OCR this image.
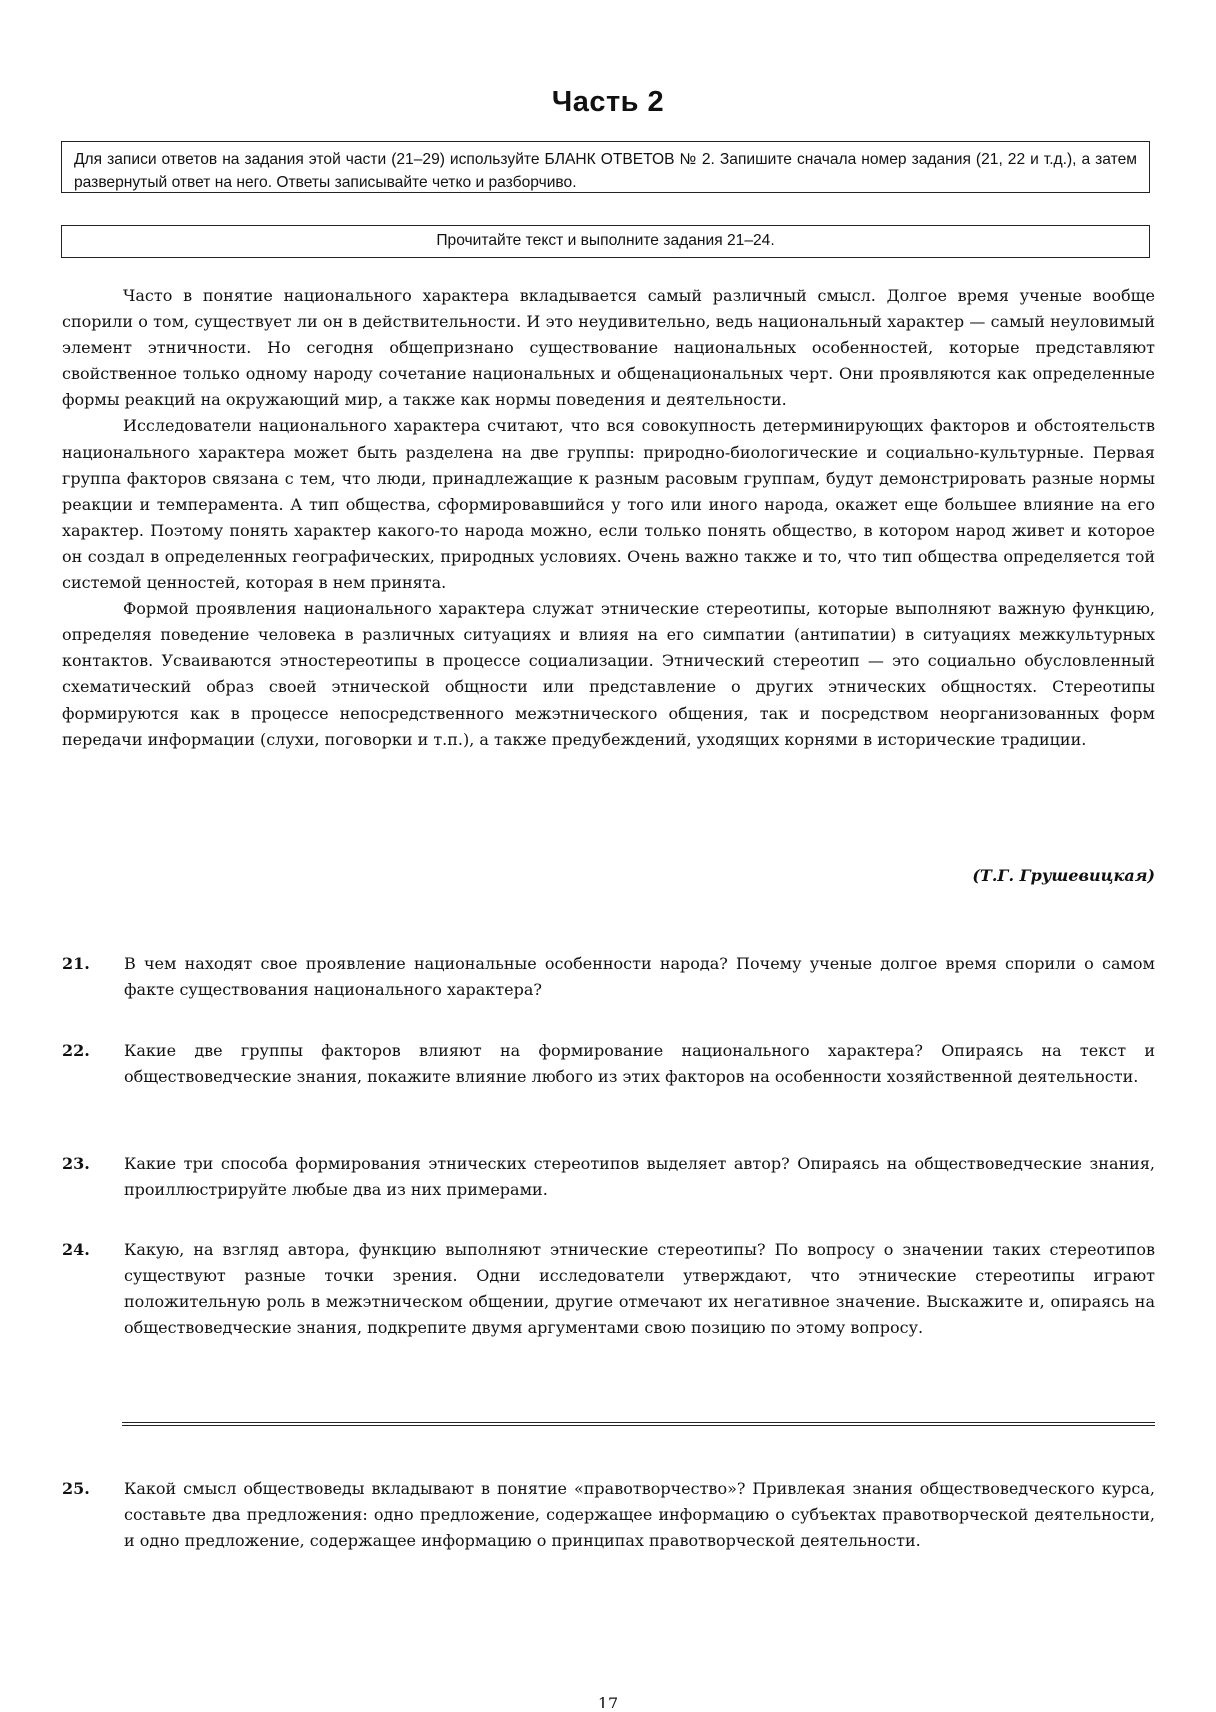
Часть 2
Для записи ответов на задания этой части (21–29) используйте БЛАНК ОТВЕТОВ № 2. Запишите сначала номер задания (21, 22 и т.д.), а затем развернутый ответ на него. Ответы записывайте четко и разборчиво.
Прочитайте текст и выполните задания 21–24.

Часто в понятие национального характера вкладывается самый различный смысл. Долгое время ученые вообще спорили о том, существует ли он в действительности. И это неудивительно, ведь национальный характер — самый неуловимый элемент этничности. Но сегодня общепризнано существование национальных особенностей, которые представляют свойственное только одному народу сочетание национальных и общенациональных черт. Они проявляются как определенные формы реакций на окружающий мир, а также как нормы поведения и деятельности.

Исследователи национального характера считают, что вся совокупность детерминирующих факторов и обстоятельств национального характера может быть разделена на две группы: природно-биологические и социально-культурные. Первая группа факторов связана с тем, что люди, принадлежащие к разным расовым группам, будут демонстрировать разные нормы реакции и темперамента. А тип общества, сформировавшийся у того или иного народа, окажет еще большее влияние на его характер. Поэтому понять характер какого-то народа можно, если только понять общество, в котором народ живет и которое он создал в определенных географических, природных условиях. Очень важно также и то, что тип общества определяется той системой ценностей, которая в нем принята.

Формой проявления национального характера служат этнические стереотипы, которые выполняют важную функцию, определяя поведение человека в различных ситуациях и влияя на его симпатии (антипатии) в ситуациях межкультурных контактов. Усваиваются этностереотипы в процессе социализации. Этнический стереотип — это социально обусловленный схематический образ своей этнической общности или представление о других этнических общностях. Стереотипы формируются как в процессе непосредственного межэтнического общения, так и посредством неорганизованных форм передачи информации (слухи, поговорки и т.п.), а также предубеждений, уходящих корнями в исторические традиции.

(Т.Г. Грушевицкая)
21. В чем находят свое проявление национальные особенности народа? Почему ученые долгое время спорили о самом факте существования национального характера?
22. Какие две группы факторов влияют на формирование национального характера? Опираясь на текст и обществоведческие знания, покажите влияние любого из этих факторов на особенности хозяйственной деятельности.
23. Какие три способа формирования этнических стереотипов выделяет автор? Опираясь на обществоведческие знания, проиллюстрируйте любые два из них примерами.
24. Какую, на взгляд автора, функцию выполняют этнические стереотипы? По вопросу о значении таких стереотипов существуют разные точки зрения. Одни исследователи утверждают, что этнические стереотипы играют положительную роль в межэтническом общении, другие отмечают их негативное значение. Выскажите и, опираясь на обществоведческие знания, подкрепите двумя аргументами свою позицию по этому вопросу.
25. Какой смысл обществоведы вкладывают в понятие «правотворчество»? Привлекая знания обществоведческого курса, составьте два предложения: одно предложение, содержащее информацию о субъектах правотворческой деятельности, и одно предложение, содержащее информацию о принципах правотворческой деятельности.
17
